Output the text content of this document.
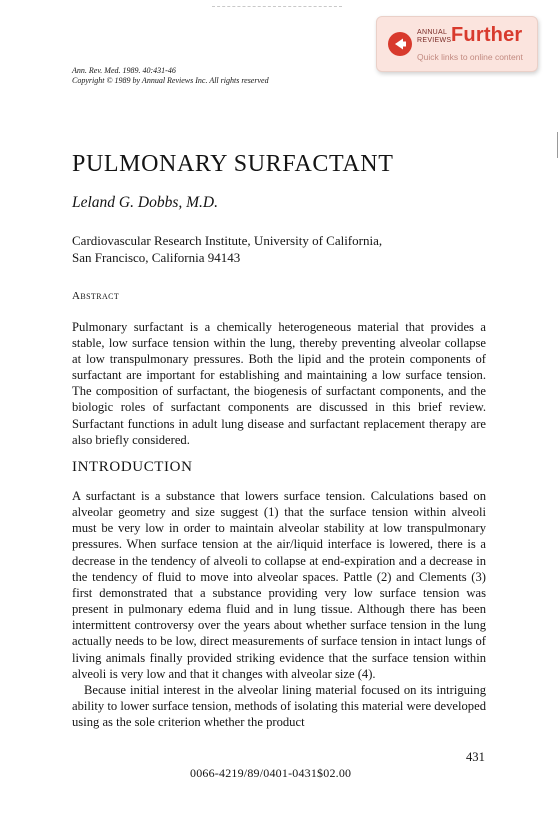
ANNUAL
REVIEWS Further
Quick links to online content
Ann. Rev. Med. 1989. 40:431-46
Copyright © 1989 by Annual Reviews Inc. All rights reserved
PULMONARY SURFACTANT
Leland G. Dobbs, M.D.
Cardiovascular Research Institute, University of California,
San Francisco, California 94143
Abstract
Pulmonary surfactant is a chemically heterogeneous material that provides a stable, low surface tension within the lung, thereby preventing alveolar collapse at low transpulmonary pressures. Both the lipid and the protein components of surfactant are important for establishing and maintaining a low surface tension. The composition of surfactant, the biogenesis of surfactant components, and the biologic roles of surfactant components are discussed in this brief review. Surfactant functions in adult lung disease and surfactant replacement therapy are also briefly considered.
INTRODUCTION

A surfactant is a substance that lowers surface tension. Calculations based on alveolar geometry and size suggest (1) that the surface tension within alveoli must be very low in order to maintain alveolar stability at low transpulmonary pressures. When surface tension at the air/liquid interface is lowered, there is a decrease in the tendency of alveoli to collapse at end-expiration and a decrease in the tendency of fluid to move into alveolar spaces. Pattle (2) and Clements (3) first demonstrated that a substance providing very low surface tension was present in pulmonary edema fluid and in lung tissue. Although there has been intermittent controversy over the years about whether surface tension in the lung actually needs to be low, direct measurements of surface tension in intact lungs of living animals finally provided striking evidence that the surface tension within alveoli is very low and that it changes with alveolar size (4).

Because initial interest in the alveolar lining material focused on its intriguing ability to lower surface tension, methods of isolating this material were developed using as the sole criterion whether the product

431
0066-4219/89/0401-0431$02.00
